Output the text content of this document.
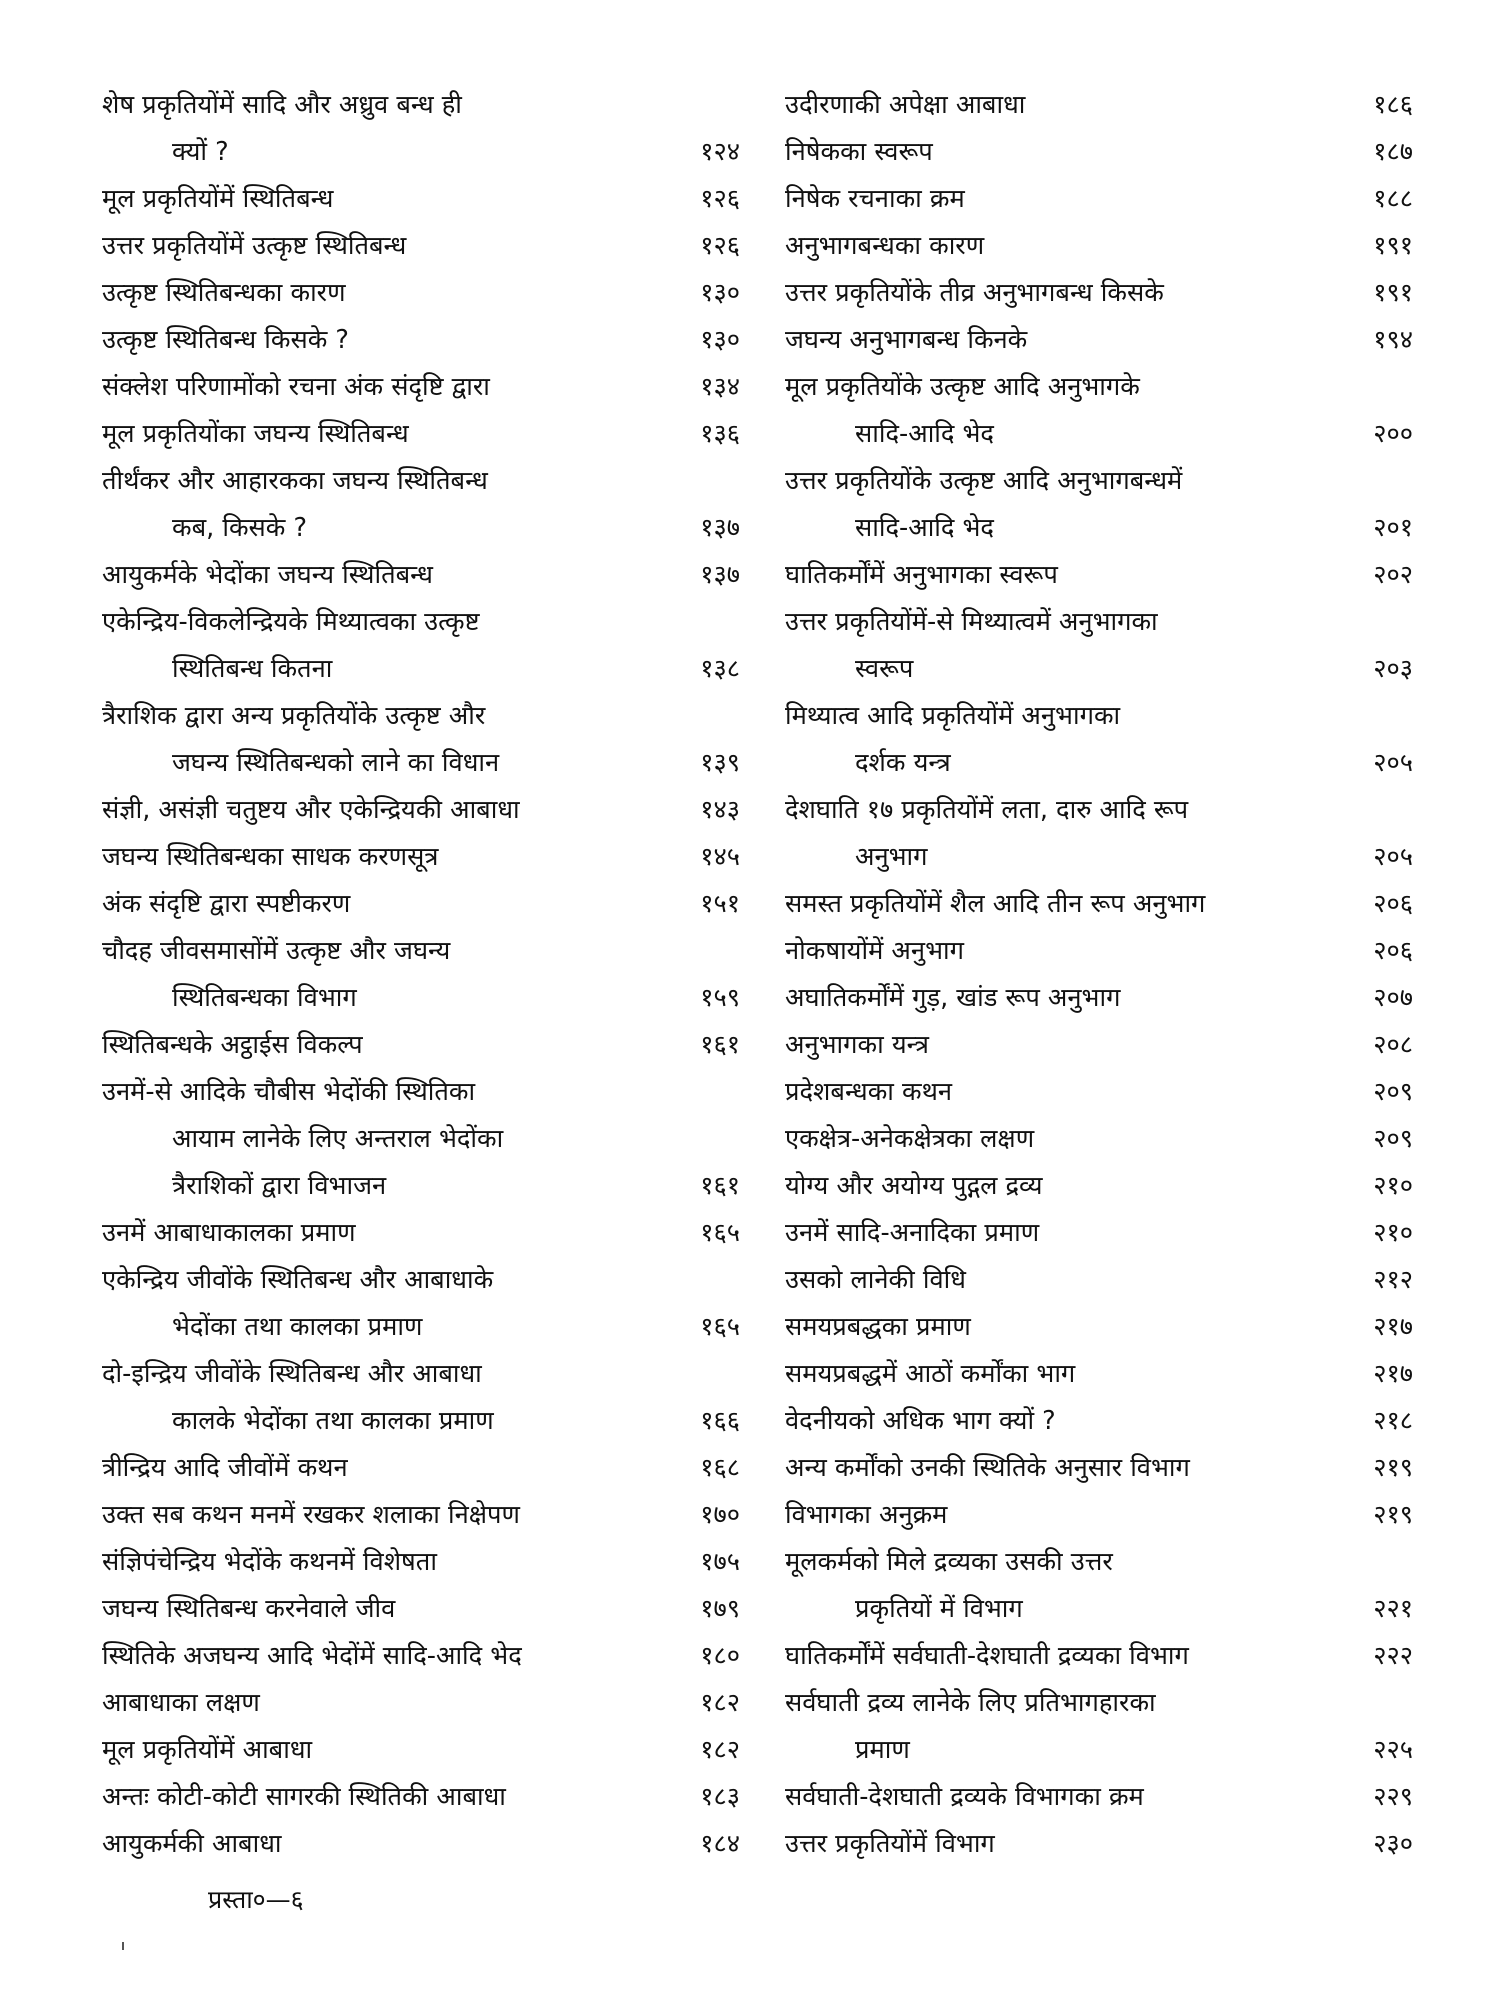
शेष प्रकृतियोंमें सादि और अध्रुव बन्ध ही
क्यों ?	१२४
मूल प्रकृतियोंमें स्थितिबन्ध	१२६
उत्तर प्रकृतियोंमें उत्कृष्ट स्थितिबन्ध	१२६
उत्कृष्ट स्थितिबन्धका कारण	१३०
उत्कृष्ट स्थितिबन्ध किसके ?	१३०
संक्लेश परिणामोंको रचना अंक संदृष्टि द्वारा	१३४
मूल प्रकृतियोंका जघन्य स्थितिबन्ध	१३६
तीर्थंकर और आहारकका जघन्य स्थितिबन्ध
कब, किसके ?	१३७
आयुकर्मके भेदोंका जघन्य स्थितिबन्ध	१३७
एकेन्द्रिय-विकलेन्द्रियके मिथ्यात्वका उत्कृष्ट
स्थितिबन्ध कितना	१३८
त्रैराशिक द्वारा अन्य प्रकृतियोंके उत्कृष्ट और
जघन्य स्थितिबन्धको लाने का विधान	१३९
संज्ञी, असंज्ञी चतुष्टय और एकेन्द्रियकी आबाधा	१४३
जघन्य स्थितिबन्धका साधक करणसूत्र	१४५
अंक संदृष्टि द्वारा स्पष्टीकरण	१५१
चौदह जीवसमासोंमें उत्कृष्ट और जघन्य
स्थितिबन्धका विभाग	१५९
स्थितिबन्धके अट्ठाईस विकल्प	१६१
उनमें-से आदिके चौबीस भेदोंकी स्थितिका
आयाम लानेके लिए अन्तराल भेदोंका
त्रैराशिकों द्वारा विभाजन	१६१
उनमें आबाधाकालका प्रमाण	१६५
एकेन्द्रिय जीवोंके स्थितिबन्ध और आबाधाके
भेदोंका तथा कालका प्रमाण	१६५
दो-इन्द्रिय जीवोंके स्थितिबन्ध और आबाधा
कालके भेदोंका तथा कालका प्रमाण	१६६
त्रीन्द्रिय आदि जीवोंमें कथन	१६८
उक्त सब कथन मनमें रखकर शलाका निक्षेपण	१७०
संज्ञिपंचेन्द्रिय भेदोंके कथनमें विशेषता	१७५
जघन्य स्थितिबन्ध करनेवाले जीव	१७९
स्थितिके अजघन्य आदि भेदोंमें सादि-आदि भेद	१८०
आबाधाका लक्षण	१८२
मूल प्रकृतियोंमें आबाधा	१८२
अन्तः कोटी-कोटी सागरकी स्थितिकी आबाधा	१८३
आयुकर्मकी आबाधा	१८४
उदीरणाकी अपेक्षा आबाधा	१८६
निषेकका स्वरूप	१८७
निषेक रचनाका क्रम	१८८
अनुभागबन्धका कारण	१९१
उत्तर प्रकृतियोंके तीव्र अनुभागबन्ध किसके	१९१
जघन्य अनुभागबन्ध किनके	१९४
मूल प्रकृतियोंके उत्कृष्ट आदि अनुभागके
सादि-आदि भेद	२००
उत्तर प्रकृतियोंके उत्कृष्ट आदि अनुभागबन्धमें
सादि-आदि भेद	२०१
घातिकर्मोंमें अनुभागका स्वरूप	२०२
उत्तर प्रकृतियोंमें-से मिथ्यात्वमें अनुभागका
स्वरूप	२०३
मिथ्यात्व आदि प्रकृतियोंमें अनुभागका
दर्शक यन्त्र	२०५
देशघाति १७ प्रकृतियोंमें लता, दारु आदि रूप
अनुभाग	२०५
समस्त प्रकृतियोंमें शैल आदि तीन रूप अनुभाग	२०६
नोकषायोंमें अनुभाग	२०६
अघातिकर्मोंमें गुड़, खांड रूप अनुभाग	२०७
अनुभागका यन्त्र	२०८
प्रदेशबन्धका कथन	२०९
एकक्षेत्र-अनेकक्षेत्रका लक्षण	२०९
योग्य और अयोग्य पुद्गल द्रव्य	२१०
उनमें सादि-अनादिका प्रमाण	२१०
उसको लानेकी विधि	२१२
समयप्रबद्धका प्रमाण	२१७
समयप्रबद्धमें आठों कर्मोंका भाग	२१७
वेदनीयको अधिक भाग क्यों ?	२१८
अन्य कर्मोंको उनकी स्थितिके अनुसार विभाग	२१९
विभागका अनुक्रम	२१९
मूलकर्मको मिले द्रव्यका उसकी उत्तर
प्रकृतियों में विभाग	२२१
घातिकर्मोंमें सर्वघाती-देशघाती द्रव्यका विभाग	२२२
सर्वघाती द्रव्य लानेके लिए प्रतिभागहारका
प्रमाण	२२५
सर्वघाती-देशघाती द्रव्यके विभागका क्रम	२२९
उत्तर प्रकृतियोंमें विभाग	२३०
प्रस्ता०—६
